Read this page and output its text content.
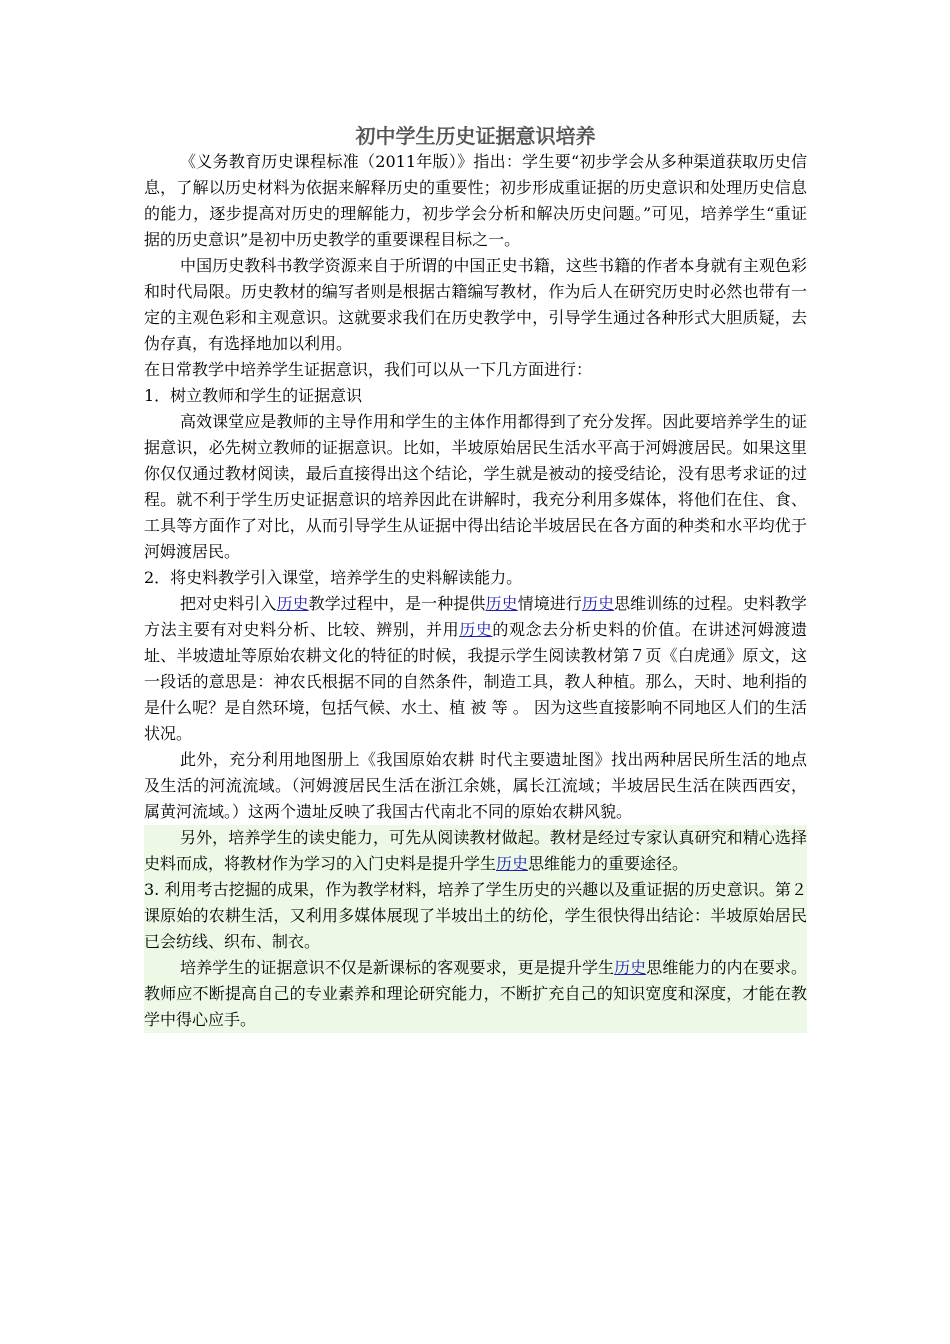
初中学生历史证据意识培养

《义务教育历史课程标准（2011年版）》指出：学生要“初步学会从多种渠道获取历史信息，了解以历史材料为依据来解释历史的重要性；初步形成重证据的历史意识和处理历史信息的能力，逐步提高对历史的理解能力，初步学会分析和解决历史问题。”可见，培养学生“重证据的历史意识”是初中历史教学的重要课程目标之一。

中国历史教科书教学资源来自于所谓的中国正史书籍，这些书籍的作者本身就有主观色彩和时代局限。历史教材的编写者则是根据古籍编写教材，作为后人在研究历史时必然也带有一定的主观色彩和主观意识。这就要求我们在历史教学中，引导学生通过各种形式大胆质疑，去伪存真，有选择地加以利用。

在日常教学中培养学生证据意识，我们可以从一下几方面进行：

1．树立教师和学生的证据意识

高效课堂应是教师的主导作用和学生的主体作用都得到了充分发挥。因此要培养学生的证据意识，必先树立教师的证据意识。比如，半坡原始居民生活水平高于河姆渡居民。如果这里你仅仅通过教材阅读，最后直接得出这个结论，学生就是被动的接受结论，没有思考求证的过程。就不利于学生历史证据意识的培养因此在讲解时，我充分利用多媒体，将他们在住、食、工具等方面作了对比，从而引导学生从证据中得出结论半坡居民在各方面的种类和水平均优于河姆渡居民。

2．将史料教学引入课堂，培养学生的史料解读能力。

把对史料引入历史教学过程中，是一种提供历史情境进行历史思维训练的过程。史料教学方法主要有对史料分析、比较、辨别，并用历史的观念去分析史料的价值。在讲述河姆渡遗址、半坡遗址等原始农耕文化的特征的时候，我提示学生阅读教材第７页《白虎通》原文，这一段话的意思是：神农氏根据不同的自然条件，制造工具，教人种植。那么，天时、地利指的是什么呢？是自然环境，包括气候、水土、植 被 等 。 因为这些直接影响不同地区人们的生活状况。

此外，充分利用地图册上《我国原始农耕 时代主要遗址图》找出两种居民所生活的地点及生活的河流流域。（河姆渡居民生活在浙江余姚，属长江流域；半坡居民生活在陕西西安，属黄河流域。）这两个遗址反映了我国古代南北不同的原始农耕风貌。

另外，培养学生的读史能力，可先从阅读教材做起。教材是经过专家认真研究和精心选择史料而成，将教材作为学习的入门史料是提升学生历史思维能力的重要途径。

3. 利用考古挖掘的成果，作为教学材料，培养了学生历史的兴趣以及重证据的历史意识。第２课原始的农耕生活，又利用多媒体展现了半坡出土的纺伦，学生很快得出结论：半坡原始居民已会纺线、织布、制衣。

培养学生的证据意识不仅是新课标的客观要求，更是提升学生历史思维能力的内在要求。教师应不断提高自己的专业素养和理论研究能力，不断扩充自己的知识宽度和深度，才能在教学中得心应手。
